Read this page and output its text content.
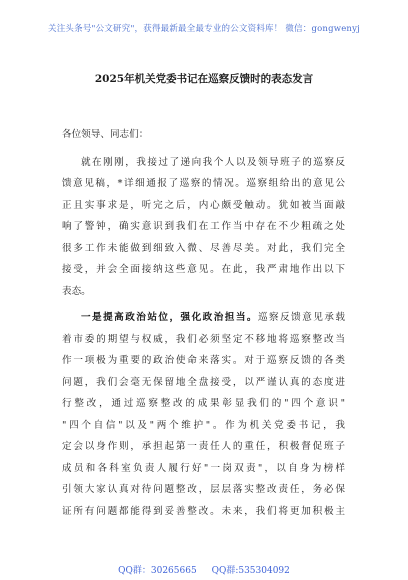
关注头条号"公文研究"，获得最新最全最专业的公文资料库！ 微信：gongwenyj
2025年机关党委书记在巡察反馈时的表态发言
各位领导、同志们：
就在刚刚，我接过了递向我个人以及领导班子的巡察反
馈意见稿，*详细通报了巡察的情况。巡察组给出的意见公
正且实事求是，听完之后，内心颇受触动。犹如被当面敲
响了警钟，确实意识到我们在工作当中存在不少粗疏之处
很多工作未能做到细致入微、尽善尽美。对此，我们完全
接受，并会全面接纳这些意见。在此，我严肃地作出以下
表态。
一是提高政治站位，强化政治担当。巡察反馈意见承载
着市委的期望与权威，我们必须坚定不移地将巡察整改当
作一项极为重要的政治使命来落实。对于巡察反馈的各类
问题，我们会毫无保留地全盘接受，以严谨认真的态度进
行整改，通过巡察整改的成果彰显我们的"四个意识"
"四个自信"以及"两个维护"。作为机关党委书记，我
定会以身作则，承担起第一责任人的重任，积极督促班子
成员和各科室负责人履行好"一岗双责"，以自身为榜样
引领大家认真对待问题整改，层层落实整改责任，务必保
证所有问题都能得到妥善整改。未来，我们将更加积极主
QQ群：30265665 QQ群:535304092
